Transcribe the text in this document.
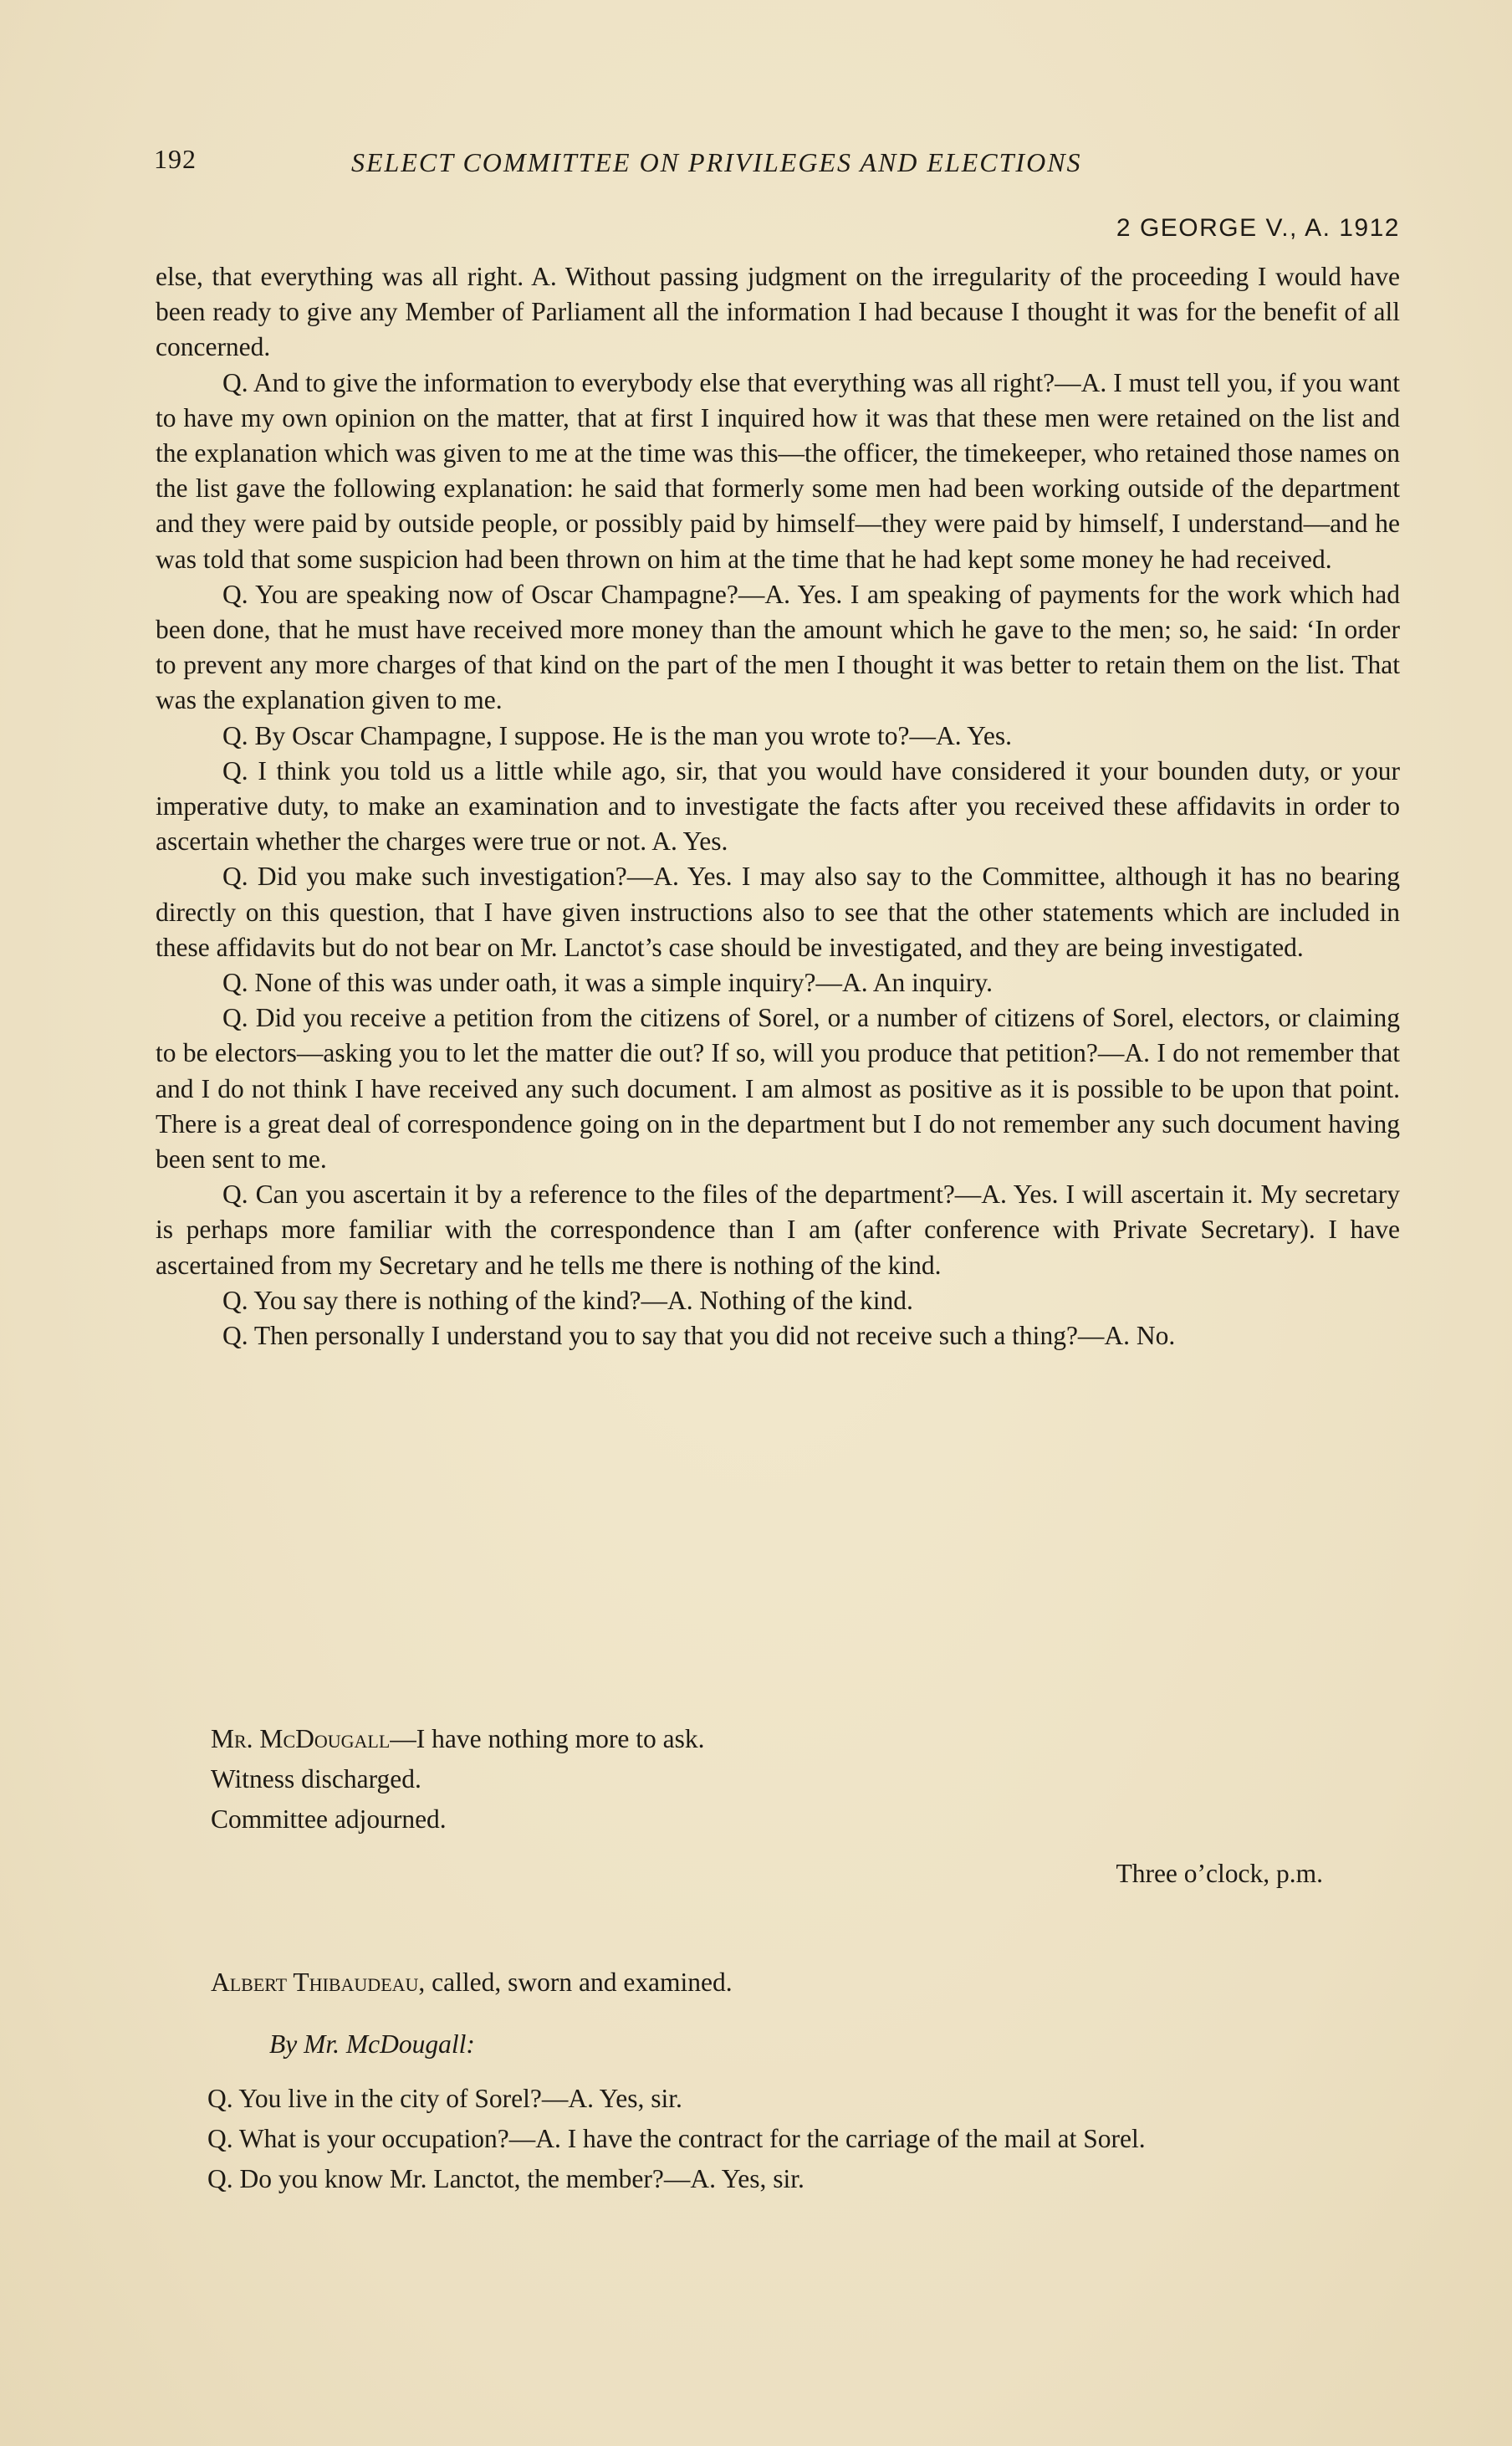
192	SELECT COMMITTEE ON PRIVILEGES AND ELECTIONS
2 GEORGE V., A. 1912

else, that everything was all right. A. Without passing judgment on the irregularity of the proceeding I would have been ready to give any Member of Parliament all the information I had because I thought it was for the benefit of all concerned.

Q. And to give the information to everybody else that everything was all right?—A. I must tell you, if you want to have my own opinion on the matter, that at first I inquired how it was that these men were retained on the list and the explanation which was given to me at the time was this—the officer, the timekeeper, who retained those names on the list gave the following explanation: he said that formerly some men had been working outside of the department and they were paid by outside people, or possibly paid by himself—they were paid by himself, I understand—and he was told that some suspicion had been thrown on him at the time that he had kept some money he had received.

Q. You are speaking now of Oscar Champagne?—A. Yes. I am speaking of payments for the work which had been done, that he must have received more money than the amount which he gave to the men; so, he said: ‘In order to prevent any more charges of that kind on the part of the men I thought it was better to retain them on the list. That was the explanation given to me.

Q. By Oscar Champagne, I suppose. He is the man you wrote to?—A. Yes.

Q. I think you told us a little while ago, sir, that you would have considered it your bounden duty, or your imperative duty, to make an examination and to investigate the facts after you received these affidavits in order to ascertain whether the charges were true or not. A. Yes.

Q. Did you make such investigation?—A. Yes. I may also say to the Committee, although it has no bearing directly on this question, that I have given instructions also to see that the other statements which are included in these affidavits but do not bear on Mr. Lanctot’s case should be investigated, and they are being investigated.

Q. None of this was under oath, it was a simple inquiry?—A. An inquiry.

Q. Did you receive a petition from the citizens of Sorel, or a number of citizens of Sorel, electors, or claiming to be electors—asking you to let the matter die out? If so, will you produce that petition?—A. I do not remember that and I do not think I have received any such document. I am almost as positive as it is possible to be upon that point. There is a great deal of correspondence going on in the department but I do not remember any such document having been sent to me.

Q. Can you ascertain it by a reference to the files of the department?—A. Yes. I will ascertain it. My secretary is perhaps more familiar with the correspondence than I am (after conference with Private Secretary). I have ascertained from my Secretary and he tells me there is nothing of the kind.

Q. You say there is nothing of the kind?—A. Nothing of the kind.

Q. Then personally I understand you to say that you did not receive such a thing?—A. No.

Mr. McDougall—I have nothing more to ask.
Witness discharged.
Committee adjourned.
Three o’clock, p.m.
Albert Thibaudeau, called, sworn and examined.
By Mr. McDougall:

Q. You live in the city of Sorel?—A. Yes, sir.

Q. What is your occupation?—A. I have the contract for the carriage of the mail at Sorel.

Q. Do you know Mr. Lanctot, the member?—A. Yes, sir.
